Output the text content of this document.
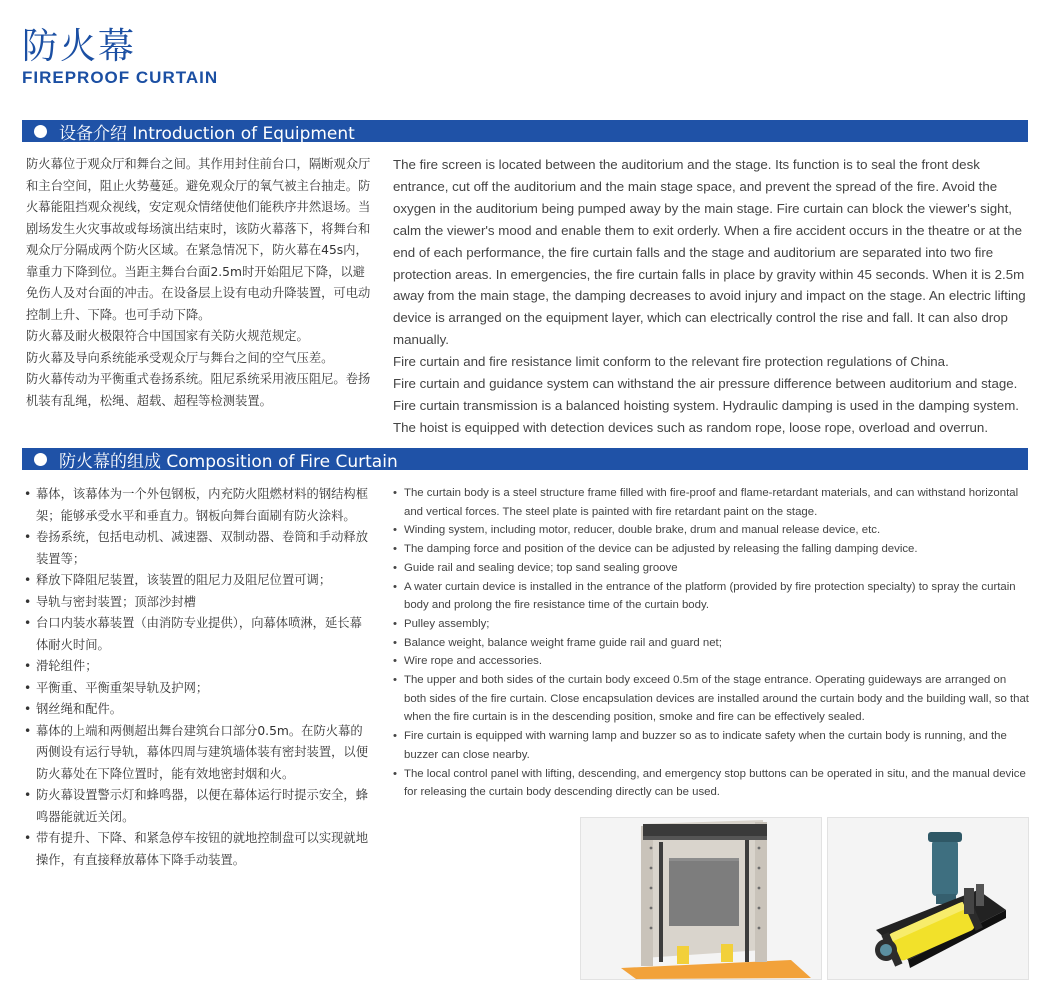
防火幕
FIREPROOF CURTAIN
设备介绍 Introduction of Equipment

防火幕位于观众厅和舞台之间。其作用封住前台口，隔断观众厅和主台空间，阻止火势蔓延。避免观众厅的氧气被主台抽走。防火幕能阻挡观众视线，安定观众情绪使他们能秩序井然退场。当剧场发生火灾事故或每场演出结束时，该防火幕落下，将舞台和观众厅分隔成两个防火区域。在紧急情况下，防火幕在45s内，靠重力下降到位。当距主舞台台面2.5m时开始阻尼下降，以避免伤人及对台面的冲击。在设备层上设有电动升降装置，可电动控制上升、下降。也可手动下降。

防火幕及耐火极限符合中国国家有关防火规范规定。

防火幕及导向系统能承受观众厅与舞台之间的空气压差。

防火幕传动为平衡重式卷扬系统。阻尼系统采用液压阻尼。卷扬机装有乱绳，松绳、超载、超程等检测装置。

The fire screen is located between the auditorium and the stage. Its function is to seal the front desk entrance, cut off the auditorium and the main stage space, and prevent the spread of the fire. Avoid the oxygen in the auditorium being pumped away by the main stage. Fire curtain can block the viewer's sight, calm the viewer's mood and enable them to exit orderly. When a fire accident occurs in the theatre or at the end of each performance, the fire curtain falls and the stage and auditorium are separated into two fire protection areas. In emergencies, the fire curtain falls in place by gravity within 45 seconds. When it is 2.5m away from the main stage, the damping decreases to avoid injury and impact on the stage. An electric lifting device is arranged on the equipment layer, which can electrically control the rise and fall. It can also drop manually.

Fire curtain and fire resistance limit conform to the relevant fire protection regulations of China.

Fire curtain and guidance system can withstand the air pressure difference between auditorium and stage.

Fire curtain transmission is a balanced hoisting system. Hydraulic damping is used in the damping system. The hoist is equipped with detection devices such as random rope, loose rope, overload and overrun.

防火幕的组成 Composition of Fire Curtain
• 幕体，该幕体为一个外包钢板，内充防火阻燃材料的钢结构框架；能够承受水平和垂直力。钢板向舞台面刷有防火涂料。
• 卷扬系统，包括电动机、减速器、双制动器、卷筒和手动释放装置等；
• 释放下降阻尼装置，该装置的阻尼力及阻尼位置可调；
• 导轨与密封装置；顶部沙封槽
• 台口内装水幕装置（由消防专业提供），向幕体喷淋，延长幕体耐火时间。
• 滑轮组件；
• 平衡重、平衡重架导轨及护网；
• 钢丝绳和配件。
• 幕体的上端和两侧超出舞台建筑台口部分0.5m。在防火幕的两侧设有运行导轨，幕体四周与建筑墙体装有密封装置，以便防火幕处在下降位置时，能有效地密封烟和火。
• 防火幕设置警示灯和蜂鸣器，以便在幕体运行时提示安全，蜂鸣器能就近关闭。
• 带有提升、下降、和紧急停车按钮的就地控制盘可以实现就地操作，有直接释放幕体下降手动装置。
• The curtain body is a steel structure frame filled with fire-proof and flame-retardant materials, and can withstand horizontal and vertical forces. The steel plate is painted with fire retardant paint on the stage.
• Winding system, including motor, reducer, double brake, drum and manual release device, etc.
• The damping force and position of the device can be adjusted by releasing the falling damping device.
• Guide rail and sealing device; top sand sealing groove
• A water curtain device is installed in the entrance of the platform (provided by fire protection specialty) to spray the curtain body and prolong the fire resistance time of the curtain body.
• Pulley assembly;
• Balance weight, balance weight frame guide rail and guard net;
• Wire rope and accessories.
• The upper and both sides of the curtain body exceed 0.5m of the stage entrance. Operating guideways are arranged on both sides of the fire curtain. Close encapsulation devices are installed around the curtain body and the building wall, so that when the fire curtain is in the descending position, smoke and fire can be effectively sealed.
• Fire curtain is equipped with warning lamp and buzzer so as to indicate safety when the curtain body is running, and the buzzer can close nearby.
• The local control panel with lifting, descending, and emergency stop buttons can be operated in situ, and the manual device for releasing the curtain body descending directly can be used.
